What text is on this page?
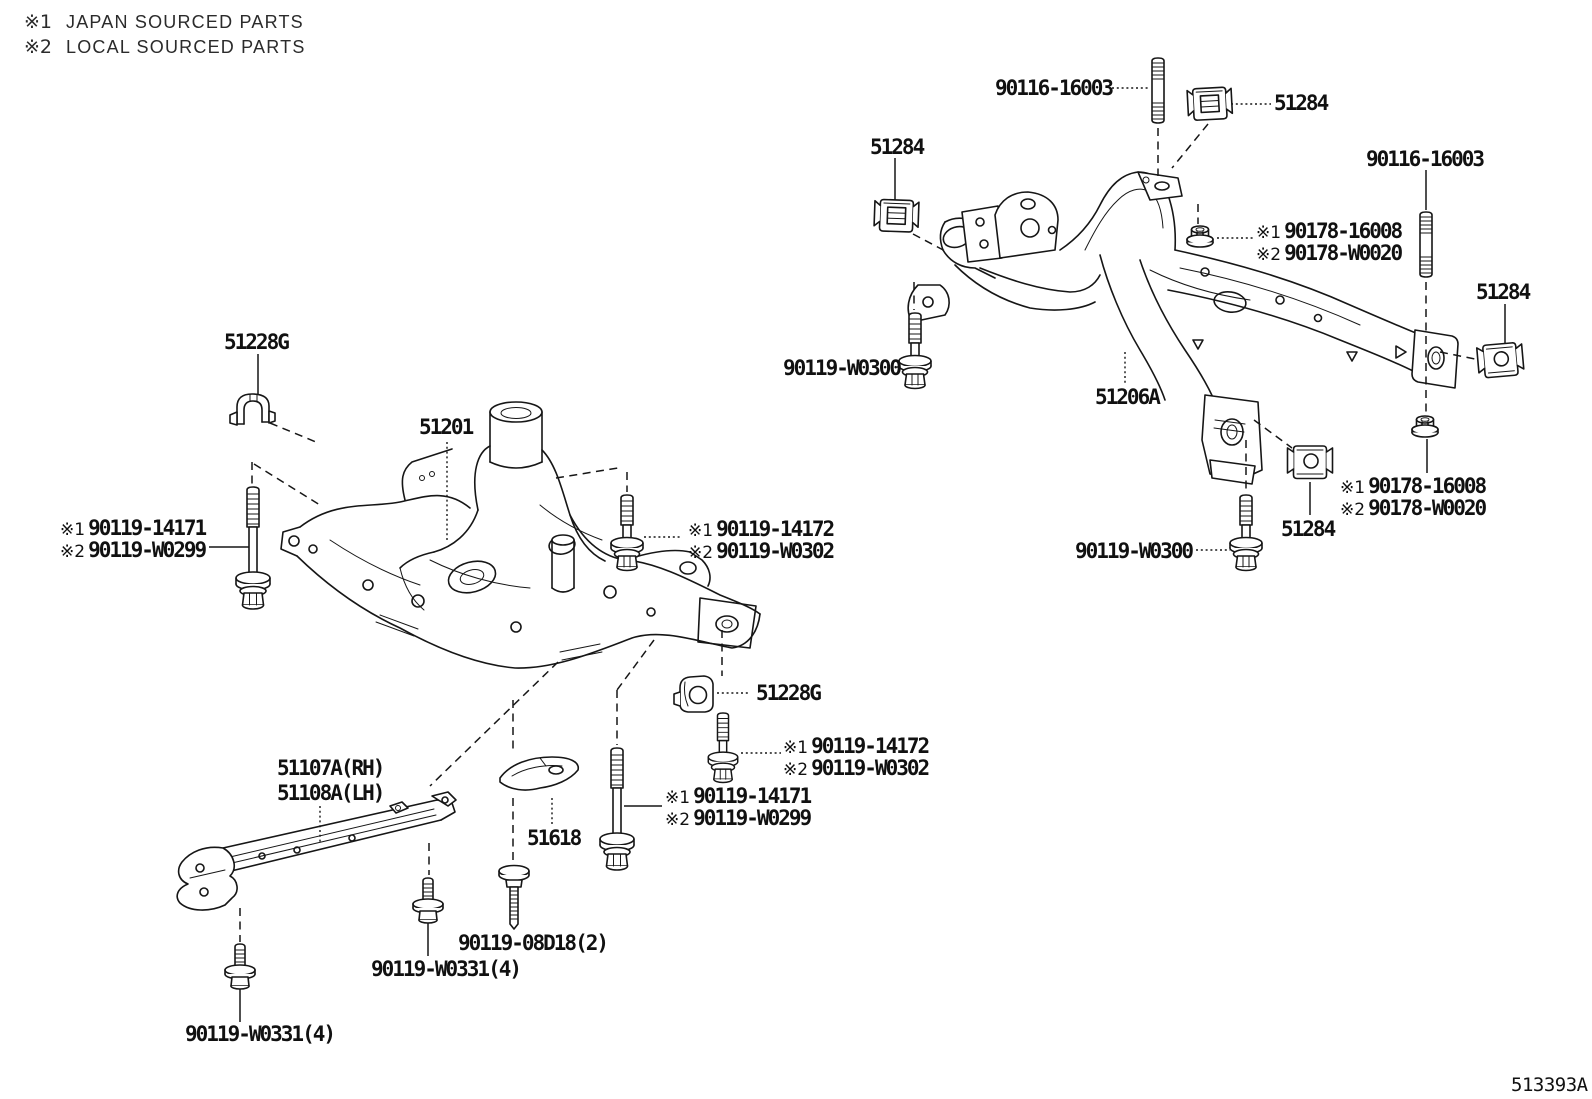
※1 JAPAN SOURCED PARTS
※2 LOCAL SOURCED PARTS
51228G
51201
※1 90119-14171
※2 90119-W0299
※1 90119-14172
※2 90119-W0302
51228G
※1 90119-14172
※2 90119-W0302
※1 90119-14171
※2 90119-W0299
51107A(RH)
51108A(LH)
51618
90119-08D18(2)
90119-W0331(4)
90119-W0331(4)
90116-16003
51284
51284	90116-16003
※1 90178-16008
※2 90178-W0020
90119-W0300
51206A
51284
※1 90178-16008
※2 90178-W0020
51284
90119-W0300
513393A
